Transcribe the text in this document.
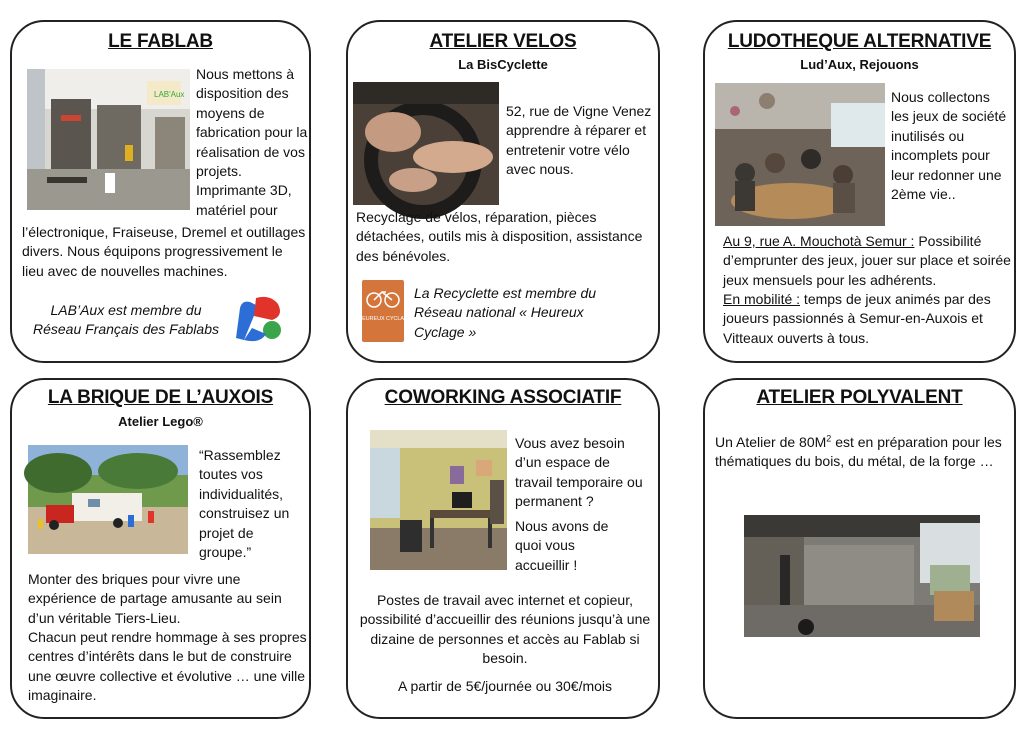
LE FABLAB
LAB'Aux
Nous mettons à disposition des moyens de fabrication pour la réalisation de vos projets. Imprimante 3D, matériel pour
l’électronique, Fraiseuse, Dremel et outillages divers. Nous équipons progressivement le lieu avec de nouvelles machines.
LAB’Aux est membre du Réseau Français des Fablabs
ATELIER VELOS
La BisCyclette
52, rue de Vigne Venez apprendre à réparer et entretenir votre vélo avec nous.
Recyclage de vélos, réparation, pièces détachées, outils mis à disposition, assistance des bénévoles.
L'HEUREUX CYCLAGE
La Recyclette est membre du Réseau national « Heureux Cyclage »
LUDOTHEQUE ALTERNATIVE
Lud’Aux, Rejouons
Nous collectons les jeux de société inutilisés ou incomplets pour leur redonner une 2ème vie..
Au 9, rue A. Mouchotà Semur : Possibilité d’emprunter des jeux, jouer sur place et soirée jeux mensuels pour les adhérents.
En mobilité : temps de jeux animés par des joueurs passionnés à Semur-en-Auxois et Vitteaux ouverts à tous.
LA BRIQUE DE L’AUXOIS
Atelier Lego®
“Rassemblez toutes vos individualités, construisez un projet de groupe.”
Monter des briques pour vivre une expérience de partage amusante au sein d’un véritable Tiers-Lieu.
Chacun peut rendre hommage à ses propres centres d’intérêts dans le but de construire une œuvre collective et évolutive … une ville imaginaire.
COWORKING ASSOCIATIF
Vous avez besoin d’un espace de travail temporaire ou permanent ?
Nous avons de quoi vous accueillir !
Postes de travail avec internet et copieur, possibilité d’accueillir des réunions jusqu’à une dizaine de personnes et accès au Fablab si besoin.
A partir de 5€/journée ou 30€/mois
ATELIER POLYVALENT
Un Atelier de $80M^2$ est en préparation pour les thématiques du bois, du métal, de la forge …
